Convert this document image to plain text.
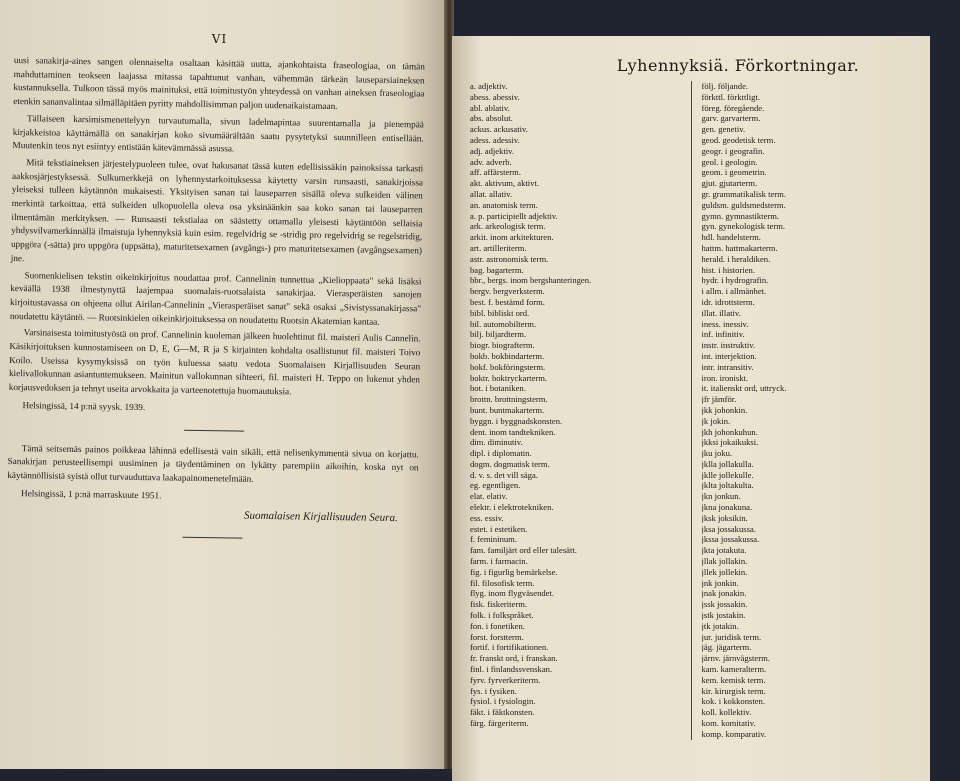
VI

uusi sanakirja-aines sangen olennaiselta osaltaan käsittää uutta, ajankohtaista fraseologiaa, on tämän mahduttaminen teokseen laajassa mitassa tapahtunut vanhan, vähemmän tärkeän lauseparsiaineksen kustannuksella. Tulkoon tässä myös mainituksi, että toimitustyön yhteydessä on vanhan aineksen fraseologiaa etenkin sananvalintaa silmälläpitäen pyritty mahdollisimman paljon uudenaikaistamaan.

Tällaiseen karsimismenettelyyn turvautumalla, sivun ladelmapintaa suurentamalla ja pienempää kirjakkeistoa käyttämällä on sanakirjan koko sivumäärältään saatu pysytetyksi suunnilleen entisellään. Muutenkin teos nyt esiintyy entistään kätevämmässä asussa.

Mitä tekstiaineksen järjestelypuoleen tulee, ovat hakusanat tässä kuten edellisissäkin painoksissa tarkasti aakkosjärjestyksessä. Sulkumerkkejä on lyhennystarkoituksessa käytetty varsin runsaasti, sanakirjoissa yleiseksi tulleen käytännön mukaisesti. Yksityisen sanan tai lauseparren sisällä oleva sulkeiden välinen merkintä tarkoittaa, että sulkeiden ulkopuolella oleva osa yksinäänkin saa koko sanan tai lauseparren ilmentämän merkityksen. — Runsaasti tekstialaa on säästetty ottamalla yleisesti käytäntöön sellaisia yhdysvilvamerkinnällä ilmaistuja lyhennyksiä kuin esim. regelvidrig se -stridig pro regelvidrig se regelstridig, uppgöra (-sätta) pro uppgöra (uppsätta), maturitetsexamen (avgångs-) pro maturitetsexamen (avgångsexamen) jne.

Suomenkielisen tekstin oikeinkirjoitus noudattaa prof. Cannelinin tunnettua „Kielioppaata" sekä lisäksi keväällä 1938 ilmestynyttä laajempaa suomalais-ruotsalaista sanakirjaa. Vierasperäisten sanojen kirjoitustavassa on ohjeena ollut Airilan-Cannelinin „Vierasperäiset sanat" sekä osaksi „Sivistyssanakirjassa" noudatettu käytäntö. — Ruotsinkielen oikeinkirjoituksessa on noudatettu Ruotsin Akatemian kantaa.

Varsinaisesta toimitustyöstä on prof. Cannelinin kuoleman jälkeen huolehtinut fil. maisteri Aulis Cannelin. Käsikirjoituksen kunnostamiseen on D, E, G—M, R ja S kirjainten kohdalta osallistunut fil. maisteri Toivo Koilo. Useissa kysymyksissä on työn kuluessa saatu vedota Suomalaisen Kirjallisuuden Seuran kielivallokunnan asiantuntemukseen. Mainitun vallokunnan sihteeri, fil. maisteri H. Teppo on lukenut yhden korjausvedoksen ja tehnyt useita arvokkaita ja varteenotettuja huomautuksia.

Helsingissä, 14 p:nä syysk. 1939.

Tämä seitsemäs painos poikkeaa lähinnä edellisestä vain sikäli, että nelisenkymmentä sivua on korjattu. Sanakirjan perusteellisempi uusiminen ja täydentäminen on lykätty parempiin aikoihin, koska nyt on käytännöllisistä syistä ollut turvauduttava laakapainomenetelmään.

Helsingissä, 1 p:nä marraskuute 1951.
Suomalaisen Kirjallisuuden Seura.
Lyhennyksiä. Förkortningar.
a. adjektiv.
abess. abessiv.
abl. ablativ.
abs. absolut.
ackus. ackusativ.
adess. adessiv.
adj. adjektiv.
adv. adverb.
aff. affärsterm.
akt. aktivum, aktivt.
allat. allativ.
an. anatomisk term.
a. p. participiellt adjektiv.
ark. arkeologisk term.
arkit. inom arkitekturen.
art. artilleriterm.
astr. astronomisk term.
bag. bagarterm.
bbr., bergs. inom bergshanteringen.
bergv. bergverksterm.
best. f. bestämd form.
bibl. bibliskt ord.
bil. automobilterm.
bilj. biljardterm.
biogr. biografterm.
bokb. bokbindarterm.
bokf. bokföringsterm.
boktr. boktryckarterm.
bot. i botaniken.
brottn. brottningsterm.
bunt. buntmakarterm.
byggn. i byggnadskonsten.
dent. inom tandtekniken.
dim. diminutiv.
dipl. i diplomatin.
dogm. dogmatisk term.
d. v. s. det vill säga.
eg. egentligen.
elat. elativ.
elektr. i elektrotekniken.
ess. essiv.
estet. i estetiken.
f. femininum.
fam. familjärt ord eller talesätt.
farm. i farmacin.
fig. i figurlig bemärkelse.
fil. filosofisk term.
flyg. inom flygväsendet.
fisk. fiskeriterm.
folk. i folkspråket.
fon. i fonetiken.
forst. forstterm.
fortif. i fortifikationen.
fr. franskt ord, i franskan.
finl. i finlandssvenskan.
fyrv. fyrverkeriterm.
fys. i fysiken.
fysiol. i fysiologin.
fäkt. i fäktkonsten.
färg. färgeriterm.
följ. följande.
förkttl. förkttligt.
föreg. föregående.
garv. garvarterm.
gen. genetiv.
geod. geodetisk term.
geogr. i geografin.
geol. i geologin.
geom. i geometrin.
gjut. gjutarterm.
gr. grammatikalisk term.
guldsm. guldsmedsterm.
gymn. gymnastikterm.
gyn. gynekologisk term.
hdl. handelsterm.
hattm. hattmakarterm.
herald. i heraldiken.
hist. i historien.
hydr. i hydrografin.
i allm. i allmänhet.
idr. idrottsterm.
illat. illativ.
iness. inessiv.
inf. infinitiv.
instr. instruktiv.
int. interjektion.
intr. intransitiv.
iron. ironiskt.
it. italienskt ord, uttryck.
jfr jämför.
jkk johonkin.
jk jokin.
jkh johonkuhun.
jkksi jokaikuksi.
jku joku.
jklla jollakulla.
jklle jollekulle.
jklta joltakulta.
jkn jonkun.
jkna jonakuna.
jksk joksikin.
jksa jossakussa.
jkssa jossakussa.
jkta jotakuta.
jllak jollakin.
jllek jollekin.
jnk jonkin.
jnak jonakin.
jssk jossakin.
jstk jostakin.
jtk jotakin.
jur. juridisk term.
jäg. jägarterm.
järnv. järnvägsterm.
kam. kameralterm.
kem. kemisk term.
kir. kirurgisk term.
kok. i kokkonsten.
koll. kollektiv.
kom. komitativ.
komp. komparativ.
